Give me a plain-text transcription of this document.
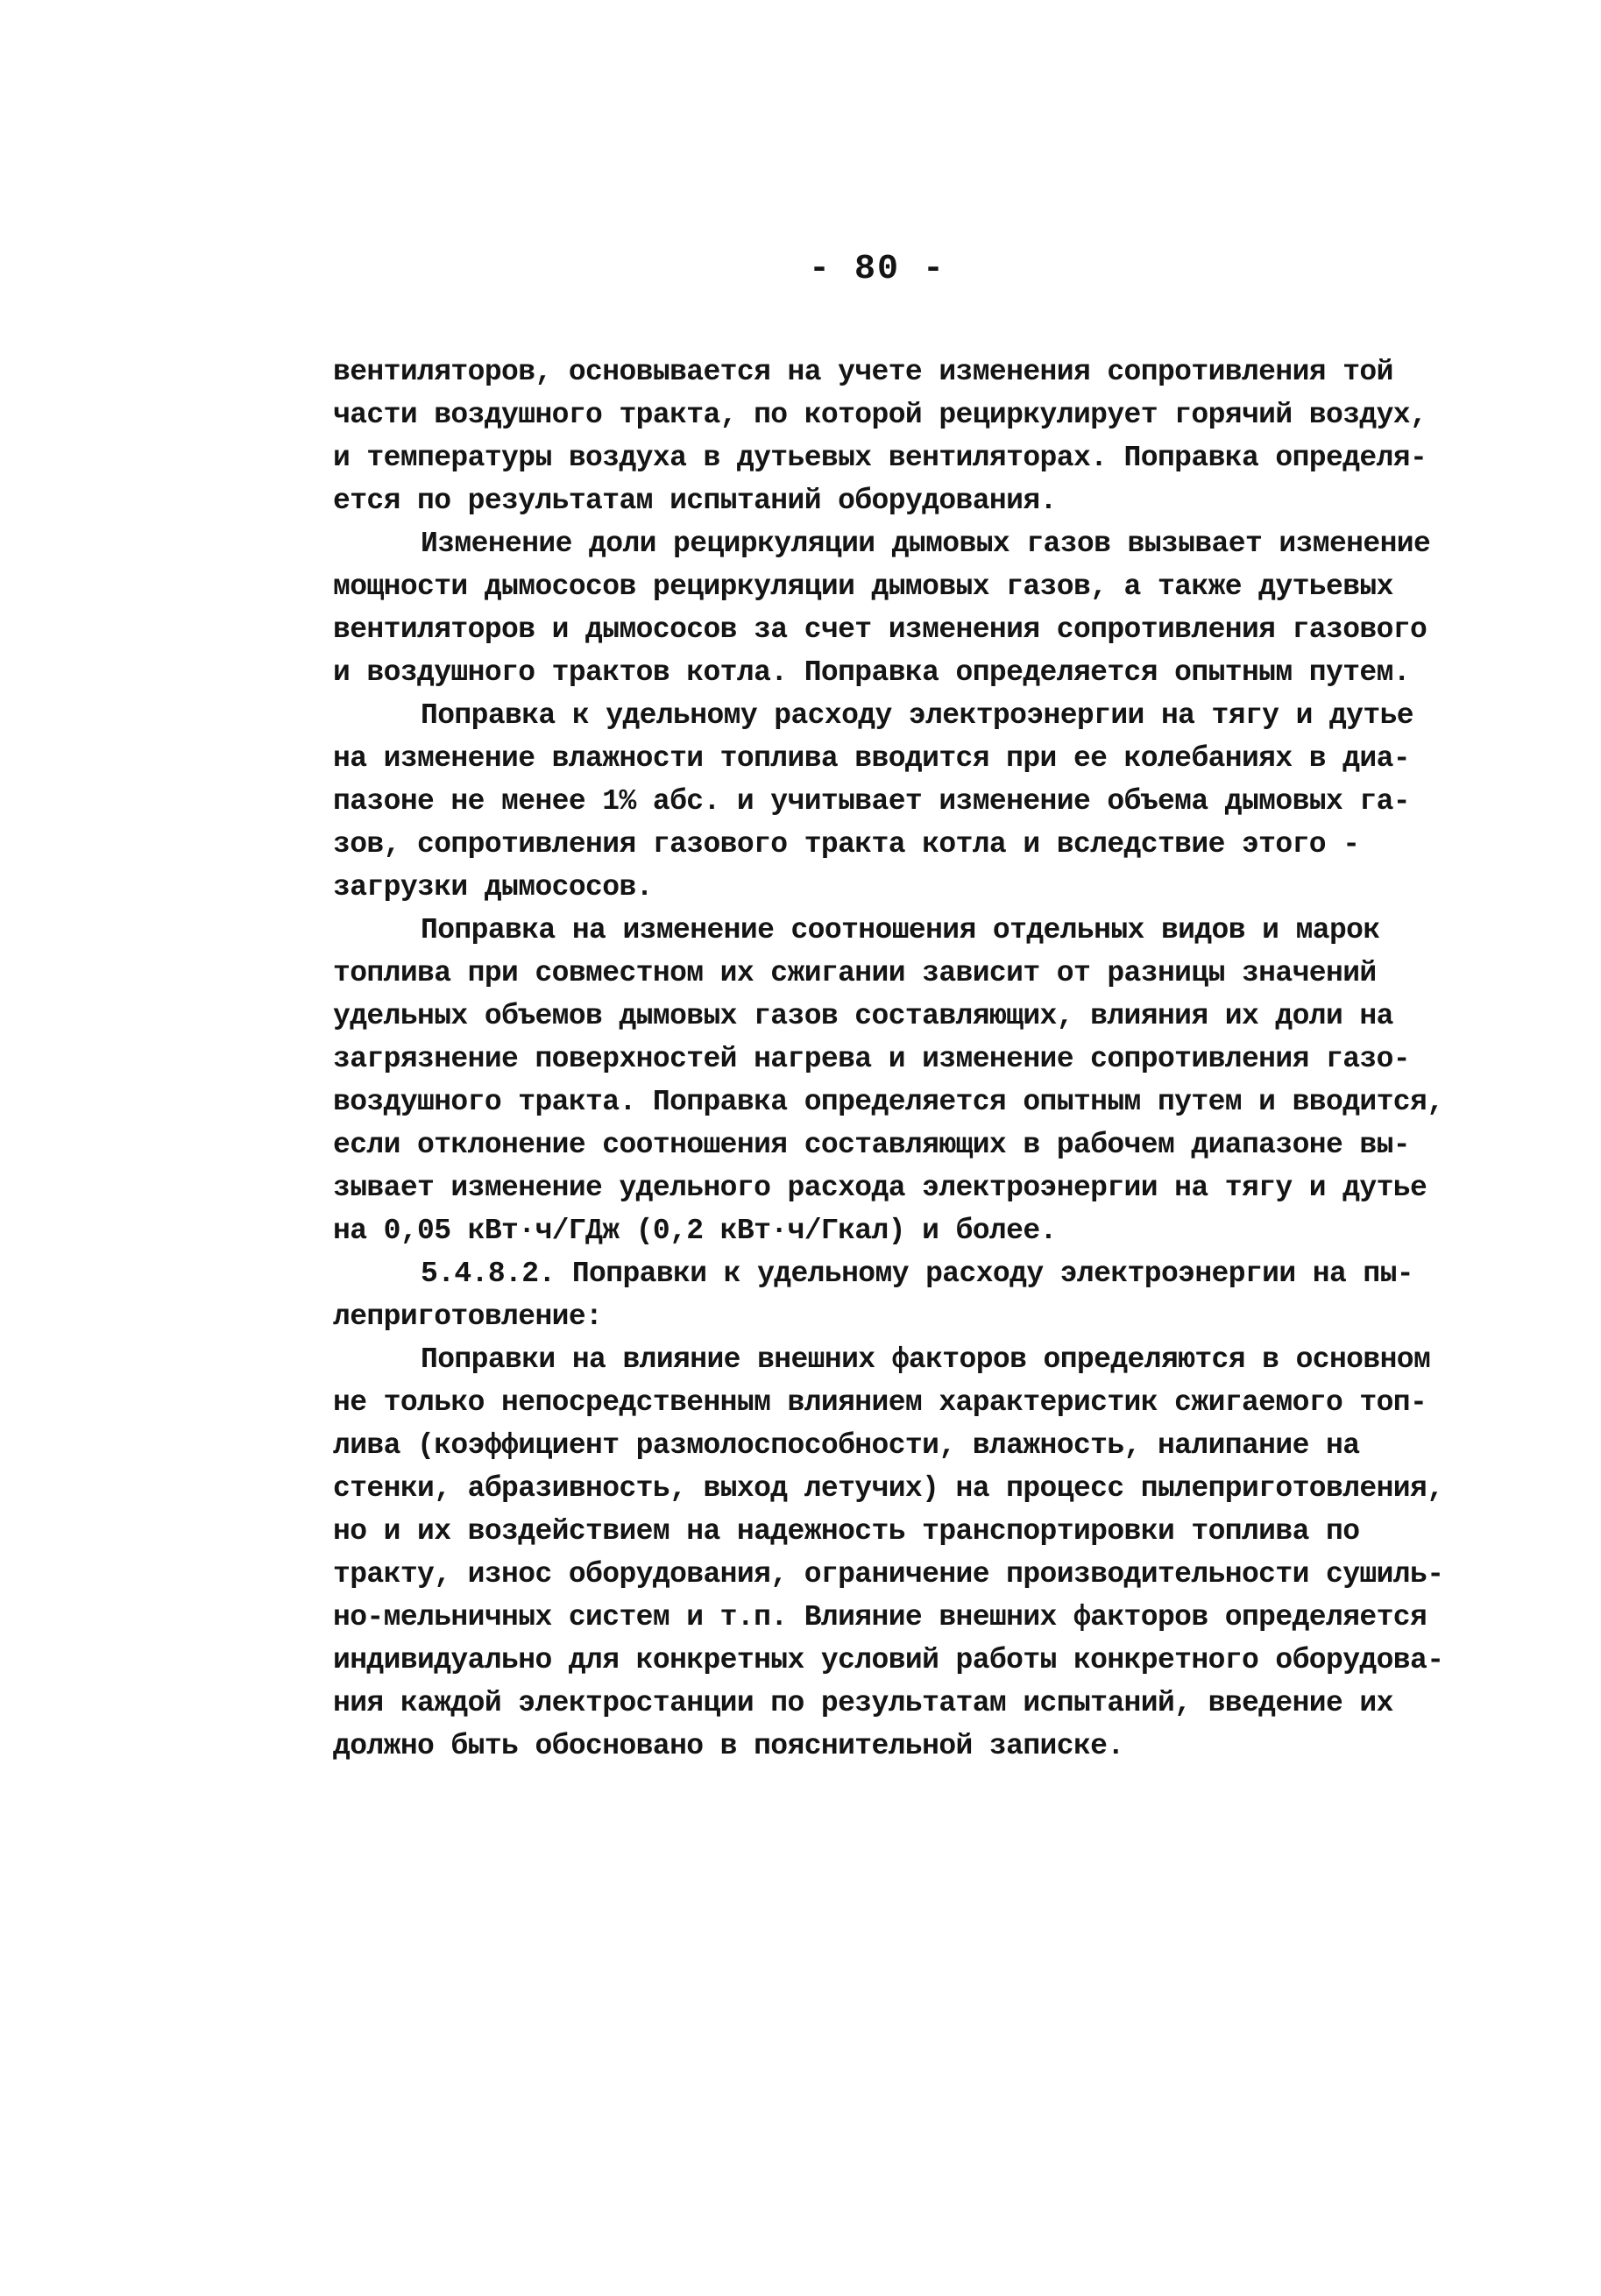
- 80 -
вентиляторов, основывается на учете изменения сопротивления той
части воздушного тракта, по которой рециркулирует горячий воздух,
и температуры воздуха в дутьевых вентиляторах. Поправка определя-
ется по результатам испытаний оборудования.
Изменение доли рециркуляции дымовых газов вызывает изменение
мощности дымососов рециркуляции дымовых газов, а также дутьевых
вентиляторов и дымососов за счет изменения сопротивления газового
и воздушного трактов котла. Поправка определяется опытным путем.
Поправка к удельному расходу электроэнергии на тягу и дутье
на изменение влажности топлива вводится при ее колебаниях в диа-
пазоне не менее 1% абс. и учитывает изменение объема дымовых га-
зов, сопротивления газового тракта котла и вследствие этого -
загрузки дымососов.
Поправка на изменение соотношения отдельных видов и марок
топлива при совместном их сжигании зависит от разницы значений
удельных объемов дымовых газов составляющих, влияния их доли на
загрязнение поверхностей нагрева и изменение сопротивления газо-
воздушного тракта. Поправка определяется опытным путем и вводится,
если отклонение соотношения составляющих в рабочем диапазоне вы-
зывает изменение удельного расхода электроэнергии на тягу и дутье
на 0,05 кВт·ч/ГДж (0,2 кВт·ч/Гкал) и более.
5.4.8.2. Поправки к удельному расходу электроэнергии на пы-
леприготовление:
Поправки на влияние внешних факторов определяются в основном
не только непосредственным влиянием характеристик сжигаемого топ-
лива (коэффициент размолоспособности, влажность, налипание на
стенки, абразивность, выход летучих) на процесс пылеприготовления,
но и их воздействием на надежность транспортировки топлива по
тракту, износ оборудования, ограничение производительности сушиль-
но-мельничных систем и т.п. Влияние внешних факторов определяется
индивидуально для конкретных условий работы конкретного оборудова-
ния каждой электростанции по результатам испытаний, введение их
должно быть обосновано в пояснительной записке.
